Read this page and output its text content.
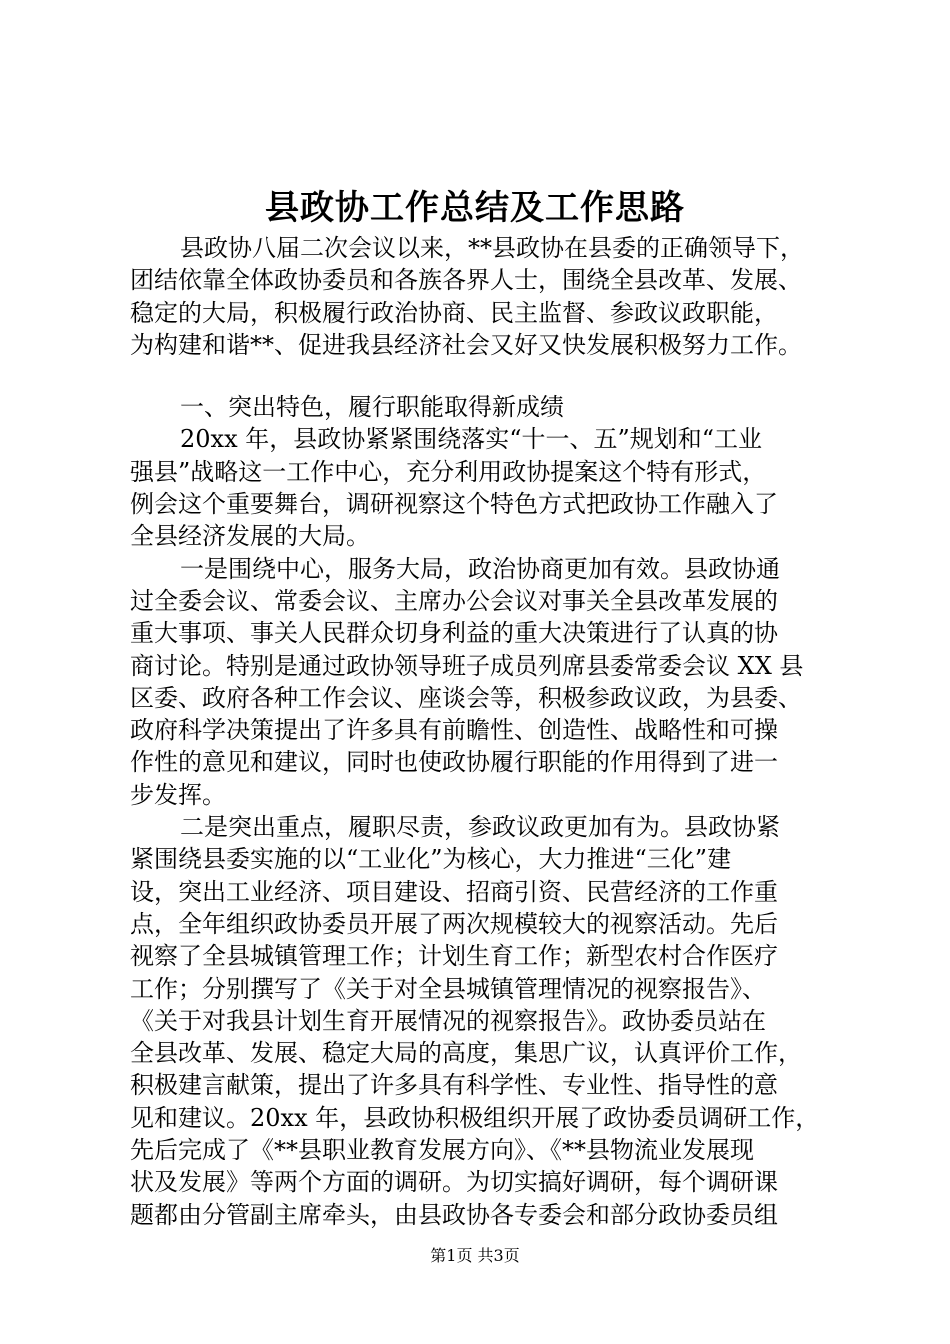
县政协工作总结及工作思路
县政协八届二次会议以来，**县政协在县委的正确领导下，
团结依靠全体政协委员和各族各界人士，围绕全县改革、发展、
稳定的大局，积极履行政治协商、民主监督、参政议政职能，
为构建和谐**、促进我县经济社会又好又快发展积极努力工作。
一、突出特色，履行职能取得新成绩
20xx 年，县政协紧紧围绕落实“十一、五”规划和“工业
强县”战略这一工作中心，充分利用政协提案这个特有形式，
例会这个重要舞台，调研视察这个特色方式把政协工作融入了
全县经济发展的大局。
一是围绕中心，服务大局，政治协商更加有效。县政协通
过全委会议、常委会议、主席办公会议对事关全县改革发展的
重大事项、事关人民群众切身利益的重大决策进行了认真的协
商讨论。特别是通过政协领导班子成员列席县委常委会议 XX 县
区委、政府各种工作会议、座谈会等，积极参政议政，为县委、
政府科学决策提出了许多具有前瞻性、创造性、战略性和可操
作性的意见和建议，同时也使政协履行职能的作用得到了进一
步发挥。
二是突出重点，履职尽责，参政议政更加有为。县政协紧
紧围绕县委实施的以“工业化”为核心，大力推进“三化”建
设，突出工业经济、项目建设、招商引资、民营经济的工作重
点，全年组织政协委员开展了两次规模较大的视察活动。先后
视察了全县城镇管理工作；计划生育工作；新型农村合作医疗
工作；分别撰写了《关于对全县城镇管理情况的视察报告》、
《关于对我县计划生育开展情况的视察报告》。政协委员站在
全县改革、发展、稳定大局的高度，集思广议，认真评价工作，
积极建言献策，提出了许多具有科学性、专业性、指导性的意
见和建议。20xx 年，县政协积极组织开展了政协委员调研工作，
先后完成了《**县职业教育发展方向》、《**县物流业发展现
状及发展》等两个方面的调研。为切实搞好调研，每个调研课
题都由分管副主席牵头，由县政协各专委会和部分政协委员组
第1页 共3页
